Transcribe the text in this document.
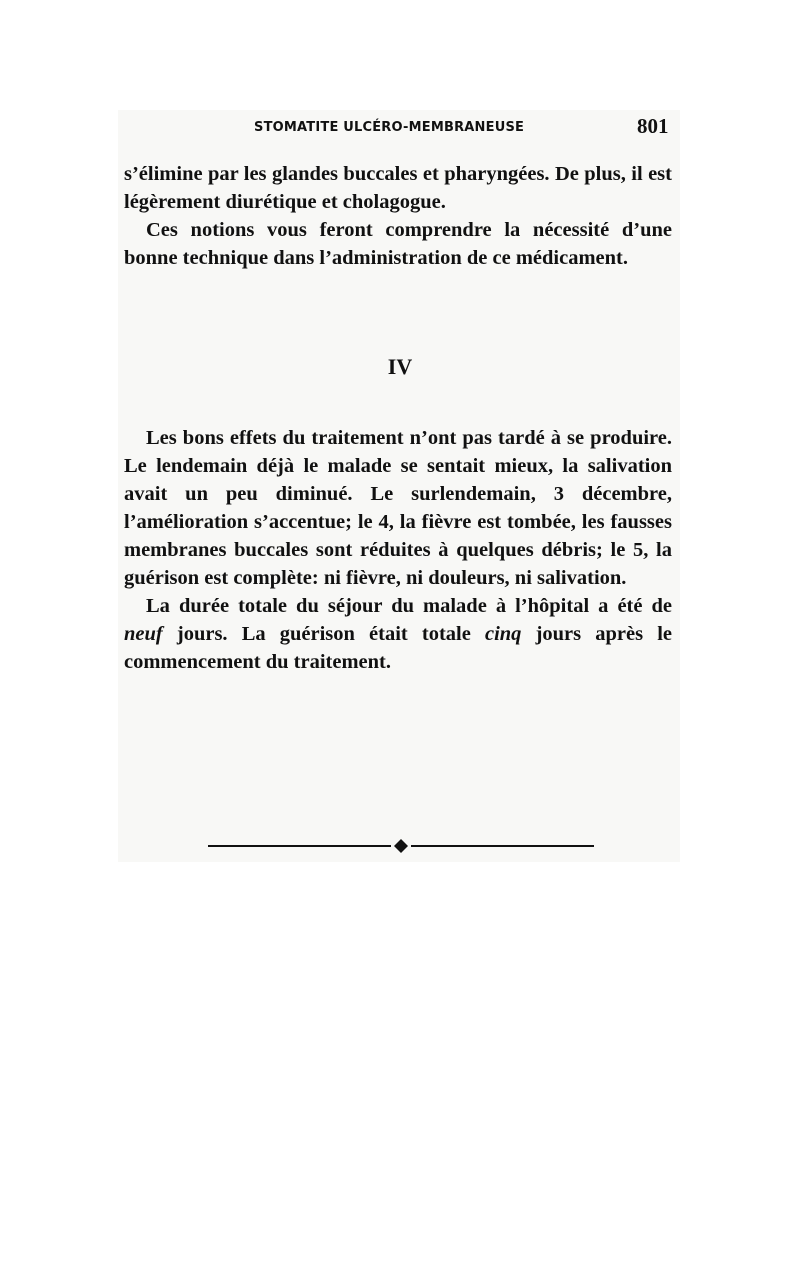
STOMATITE ULCÉRO-MEMBRANEUSE	801

s’élimine par les glandes buccales et pharyngées. De plus, il est légèrement diurétique et cholagogue.

Ces notions vous feront comprendre la nécessité d’une bonne technique dans l’administration de ce médicament.

IV

Les bons effets du traitement n’ont pas tardé à se produire. Le lendemain déjà le malade se sentait mieux, la salivation avait un peu diminué. Le surlendemain, 3 décembre, l’amélioration s’accentue; le 4, la fièvre est tombée, les fausses membranes buccales sont réduites à quelques débris; le 5, la guérison est complète: ni fièvre, ni douleurs, ni salivation.

La durée totale du séjour du malade à l’hôpital a été de neuf jours. La guérison était totale cinq jours après le commencement du traitement.
